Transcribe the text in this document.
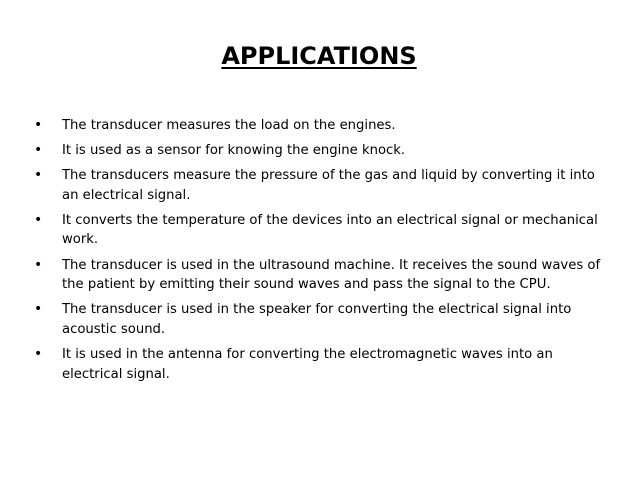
APPLICATIONS
•	The transducer measures the load on the engines.
•	It is used as a sensor for knowing the engine knock.
•	The transducers measure the pressure of the gas and liquid by converting it into an electrical signal.
•	It converts the temperature of the devices into an electrical signal or mechanical work.
•	The transducer is used in the ultrasound machine. It receives the sound waves of the patient by emitting their sound waves and pass the signal to the CPU.
•	The transducer is used in the speaker for converting the electrical signal into acoustic sound.
•	It is used in the antenna for converting the electromagnetic waves into an electrical signal.
